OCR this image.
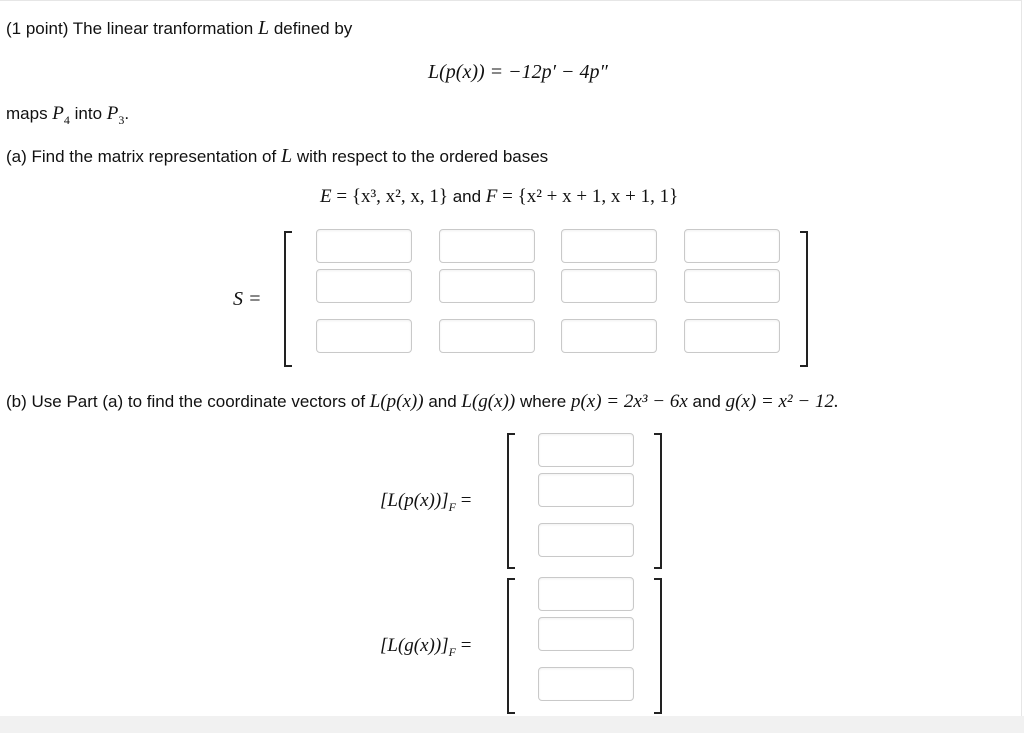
(1 point) The linear tranformation L defined by
L(p(x)) = −12p′ − 4p″
maps $P_4$ into $P_3$.
(a) Find the matrix representation of L with respect to the ordered bases
E = {x³, x², x, 1} and F = {x² + x + 1, x + 1, 1}
S =
(b) Use Part (a) to find the coordinate vectors of L(p(x)) and L(g(x)) where p(x) = 2x³ − 6x and g(x) = x² − 12.
$[L(p(x))]_F$ =
$[L(g(x))]_F$ =
